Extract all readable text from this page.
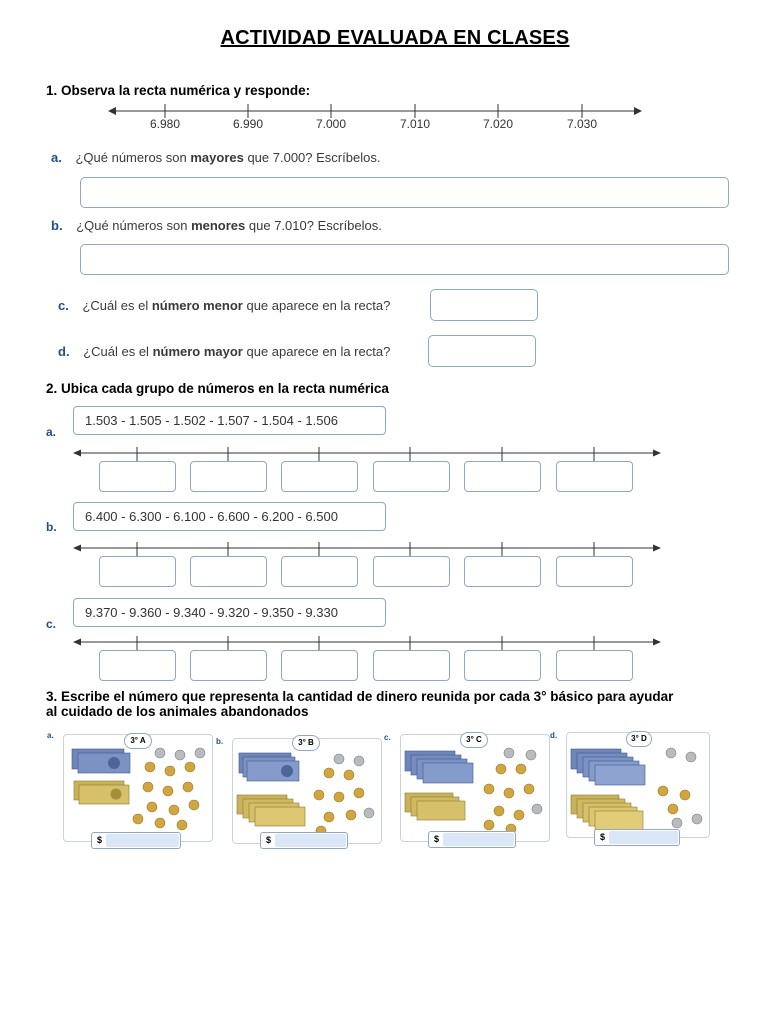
ACTIVIDAD EVALUADA EN CLASES
1. Observa la recta numérica y responde:
6.980	6.990	7.000	7.010	7.020	7.030
a. ¿Qué números son mayores que 7.000? Escríbelos.
b. ¿Qué números son menores que 7.010? Escríbelos.
c. ¿Cuál es el número menor que aparece en la recta?
d. ¿Cuál es el número mayor que aparece en la recta?
2. Ubica cada grupo de números en la recta numérica
a.
1.503 - 1.505 - 1.502 - 1.507 - 1.504 - 1.506
b.
6.400 - 6.300 - 6.100 - 6.600 - 6.200 - 6.500
c.
9.370 - 9.360 - 9.340 - 9.320 - 9.350 - 9.330
3. Escribe el número que representa la cantidad de dinero reunida por cada 3° básico para ayudar
al cuidado de los animales abandonados
a.
3° A
$
b.	3° B
$
c.	3° C
$
d.	3° D
$
